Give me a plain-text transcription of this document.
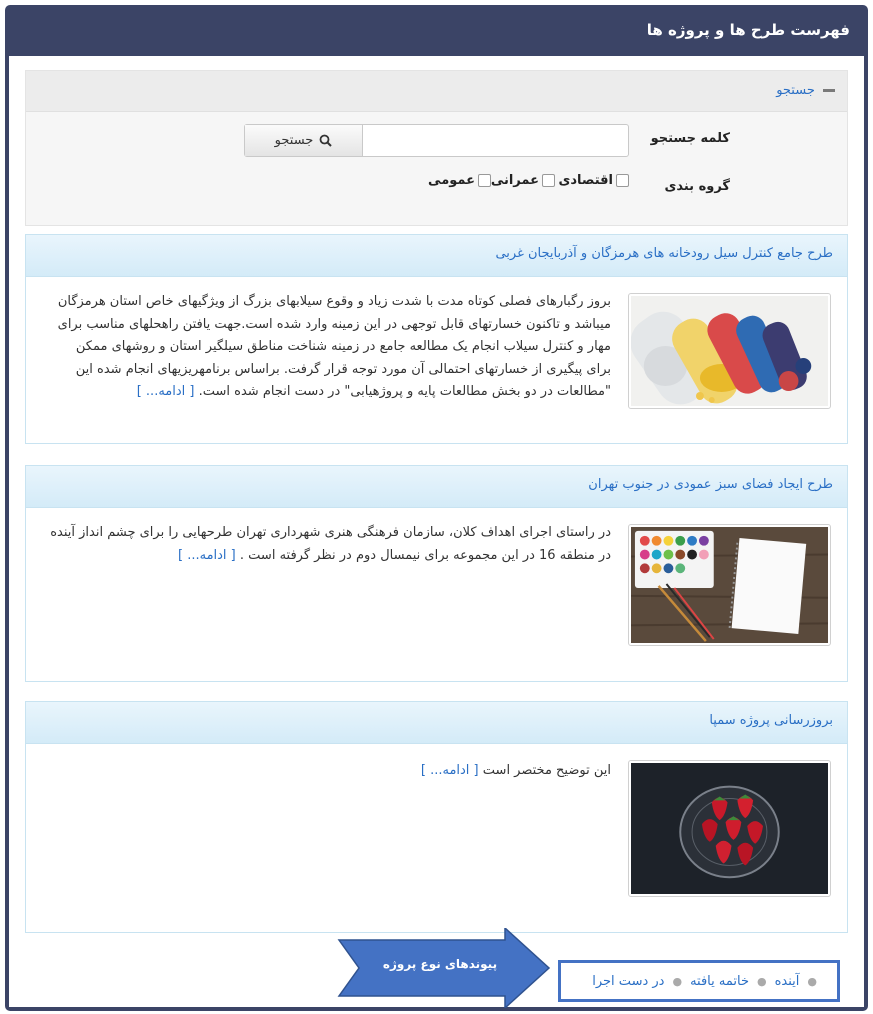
فهرست طرح ها و پروژه ها
جستجو
کلمه جستجو
جستجو
گروه بندی
اقتصادی
عمرانی
عمومی
طرح جامع کنترل سیل رودخانه های هرمزگان و آذربایجان غربی
بروز رگبارهای فصلی کوتاه مدت با شدت زیاد و وقوع سیلابهای بزرگ از ویژگیهای خاص استان هرمزگان میباشد و تاکنون خسارتهای قابل توجهی در این زمینه وارد شده است.جهت یافتن راهحلهای مناسب برای مهار و کنترل سیلاب انجام یک مطالعه جامع در زمینه شناخت مناطق سیلگیر استان و روشهای ممکن برای پیگیری از خسارتهای احتمالی آن مورد توجه قرار گرفت. براساس برنامهریزیهای انجام شده این "مطالعات در دو بخش مطالعات پایه و پروژهیابی" در دست انجام شده است. [ ادامه... ]
طرح ایجاد فضای سبز عمودی در جنوب تهران
در راستای اجرای اهداف کلان، سازمان فرهنگی هنری شهرداری تهران طرحهایی را برای چشم انداز آینده در منطقه 16 در این مجموعه برای نیمسال دوم در نظر گرفته است . [ ادامه... ]
بروزرسانی پروژه سمپا
این توضیح مختصر است [ ادامه... ]
پیوندهای نوع پروژه
●
آینده
●
خاتمه یافته
●
در دست اجرا
